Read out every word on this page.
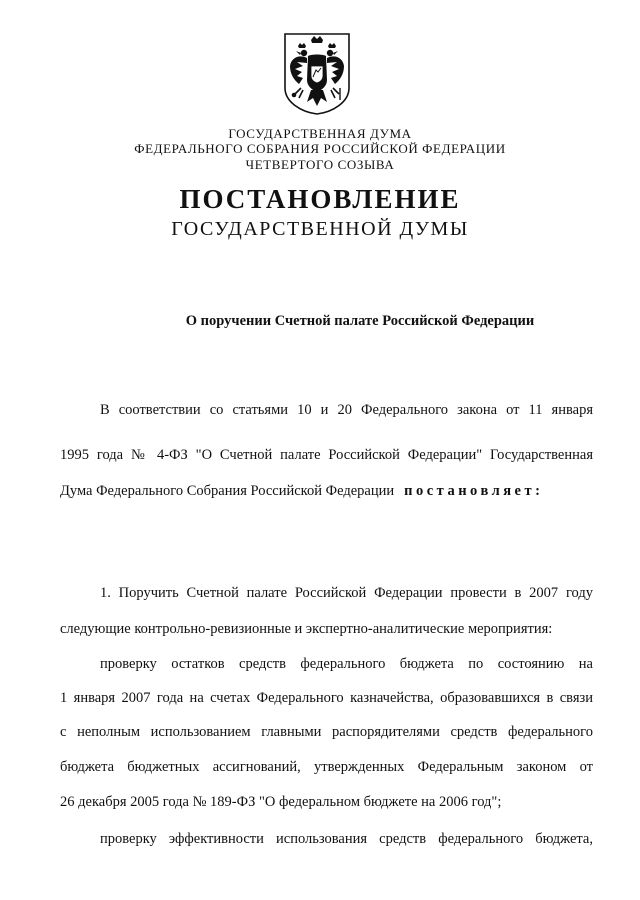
ГОСУДАРСТВЕННАЯ ДУМА
ФЕДЕРАЛЬНОГО СОБРАНИЯ РОССИЙСКОЙ ФЕДЕРАЦИИ
ЧЕТВЕРТОГО СОЗЫВА
ПОСТАНОВЛЕНИЕ
ГОСУДАРСТВЕННОЙ ДУМЫ
О поручении Счетной палате Российской Федерации
В соответствии со статьями 10 и 20 Федерального закона от 11 января
1995 года № 4-ФЗ "О Счетной палате Российской Федерации" Государственная
Дума Федерального Собрания Российской Федерации постановляет:
1. Поручить Счетной палате Российской Федерации провести в 2007 году
следующие контрольно-ревизионные и экспертно-аналитические мероприятия:
проверку остатков средств федерального бюджета по состоянию на
1 января 2007 года на счетах Федерального казначейства, образовавшихся в связи
с неполным использованием главными распорядителями средств федерального
бюджета бюджетных ассигнований, утвержденных Федеральным законом от
26 декабря 2005 года № 189-ФЗ "О федеральном бюджете на 2006 год";
проверку эффективности использования средств федерального бюджета,
